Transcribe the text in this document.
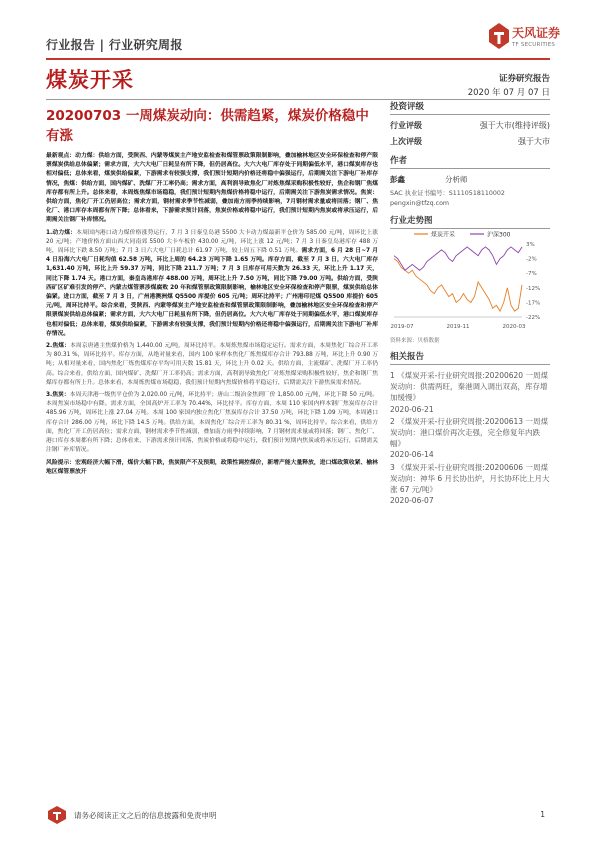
行业报告 | 行业研究周报
天风证券
TF SECURITIES
煤炭开采	证券研究报告
2020 年 07 月 07 日
20200703 一周煤炭动向：供需趋紧，煤炭价格稳中有涨

最新观点：动力煤：供给方面，受陕西、内蒙等煤炭主产地安监检查和煤管票政策限制影响，叠加榆林地区安全环保检查和停产限票煤炭供给总体偏紧；需求方面，大六大电厂日耗呈有所下降，但仍居高位。大六大电厂库存处于同期偏低水平，港口煤炭库存也相对偏低；总体来看，煤炭供给偏紧，下游需求有较强支撑，我们预计短期内价格还将稳中偏强运行，后期需关注下游电厂补库存情况，焦煤：供给方面，国内煤矿、洗煤厂开工率仍高；需求方面，高利润导致焦化厂对炼焦煤采购积极性较好，焦企和钢厂焦煤库存都有所上升。总体来看，本周炼焦煤市场稳稳，我们预计短期内焦煤价格将稳中运行，后期需关注下游焦炭需求情况。焦炭：供给方面，焦化厂开工仍居高位；需求方面，钢材需求季节性减弱，叠加南方雨季持续影响，7月钢材需求量或将回落；钢厂、焦化厂、港口库存本周都有所下降；总体看来，下游需求预计回落，焦炭价格或将稳中运行，我们预计短期内焦炭或将承压运行，后期需关注钢厂补库情况。

1.动力煤：本周国内港口动力煤价格涨势运行，7 月 3 日秦皇岛港 5500 大卡动力煤最新平仓价为 585.00 元/吨，周环比上涨 20 元/吨；产地价格方面山西大同南郊 5500 大卡车板价 430.00 元/吨，环比上涨 12 元/吨；7 月 3 日秦皇岛港库存 488 万吨，周环比下跌 8.50 万吨；7 月 3 日六大电厂日耗总计 61.97 万吨，较上周五下降 0.51 万吨。需求方面，6 月 28 日~7 月 4 日沿海六大电厂日耗均值 62.58 万吨，环比上周的 64.23 万吨下降 1.65 万吨。库存方面，截至 7 月 3 日，六大电厂库存 1,631.40 万吨，环比上升 59.37 万吨，同比下降 211.7 万吨；7 月 3 日库存可用天数为 26.33 天，环比上升 1.17 天，同比下降 1.74 天。港口方面，秦皇岛港库存 488.00 万吨，周环比上升 7.50 万吨，同比下降 79.00 万吨。供给方面，受陕西矿区矿难引发的停产、内蒙古煤管票涉煤腐败 20 年和煤管票政策限制影响，榆林地区安全环保检查和停产限票，煤炭供给总体偏紧。进口方面，截至 7 月 3 日，广州港澳洲煤 Q5500 库提价 605 元/吨；周环比持平；广州港印尼煤 Q5500 库提价 605 元/吨，周环比持平。综合来看，受陕西、内蒙等煤炭主产地安监检查和煤管票政策限制影响，叠加榆林地区安全环保检查和停产限票煤炭供给总体偏紧；需求方面，大六大电厂日耗虽有所下降，但仍居高位。大六大电厂库存处于同期偏低水平，港口煤炭库存也相对偏低；总体来看，煤炭供给偏紧，下游需求有较强支撑，我们预计短期内价格还将稳中偏强运行，后期需关注下游电厂补库存情况。

2.焦煤：本周京唐港主焦煤价格为 1,440.00 元/吨，周环比持平。本周炼焦煤市场稳定运行。需求方面，本周焦化厂综合开工率为 80.31 %，周环比持平。库存方面，从绝对量来看，国内 100 家样本焦化厂炼焦煤库存合计 793.88 万吨，环比上升 0.90 万吨；从相对量来看，国内焦化厂炼焦煤库存平均可用天数 15.81 天，环比上升 0.02 天。供给方面，主流煤矿、洗煤厂开工率仍高。综合来看，供给方面，国内煤矿、洗煤厂开工率仍高；需求方面，高利润导致焦化厂对炼焦煤采购积极性较好，焦企和钢厂焦煤库存都有所上升。总体来看，本周炼焦煤市场稳稳，我们预计短期内焦煤价格将平稳运行，后期需关注下游焦炭需求情况。

3.焦炭：本周天津港一级焦平仓价为 2,020.00 元/吨，环比持平；唐山二级冶金焦到厂价 1,850.00 元/吨，环比下降 50 元/吨。本周焦炭市场稳中有降。需求方面，全国高炉开工率为 70.44%，环比持平。库存方面，本周 110 家国内样本钢厂焦炭库存合计 485.96 万吨，周环比上涨 27.04 万吨。本周 100 家国内独立焦化厂焦炭库存合计 37.50 万吨，环比下降 1.09 万吨，本周港口库存合计 286.00 万吨，环比下降 14.5 万吨。供给方面，本周焦化厂综合开工率为 80.31 %，周环比持平。综合来看，供给方面，焦化厂开工仍居高位；需求方面，钢材需求季节性减弱，叠加南方雨季持续影响，7 月钢材需求量或将回落；钢厂、焦化厂、港口库存本周都有所下降；总体看来，下游需求预计回落，焦炭价格或将稳中运行，我们预计短期内焦炭或将承压运行，后期需关注钢厂补库情况。

风险提示：宏观经济大幅下滑，煤价大幅下跌，焦炭限产不及预期，政策性调控煤价，新增产能大量释放，进口煤政策收紧、榆林地区煤管票放开

投资评级
行业评级	强于大市(维持评级)
上次评级	强于大市
作者
彭鑫	分析师
SAC 执业证书编号：S1110518110002
pengxin@tfzq.com
行业走势图
煤炭开采	沪深300
3%
-2%
-7%
-12%
-17%
-22%
2019-07	2019-11	2020-03
资料来源：贝格数据
相关报告
1 《煤炭开采-行业研究周报:20200620 一周煤炭动向：供需两旺，秦港调入调出双高，库存增加缓慢》
2020-06-21
2 《煤炭开采-行业研究周报:20200613 一周煤炭动向：港口煤价再次走强，完全修复年内跌幅》
2020-06-14
3 《煤炭开采-行业研究周报:20200606 一周煤炭动向：神华 6 月长协出炉，月长协环比上月大涨 67 元/吨》
2020-06-07
请务必阅读正文之后的信息披露和免责申明	1
